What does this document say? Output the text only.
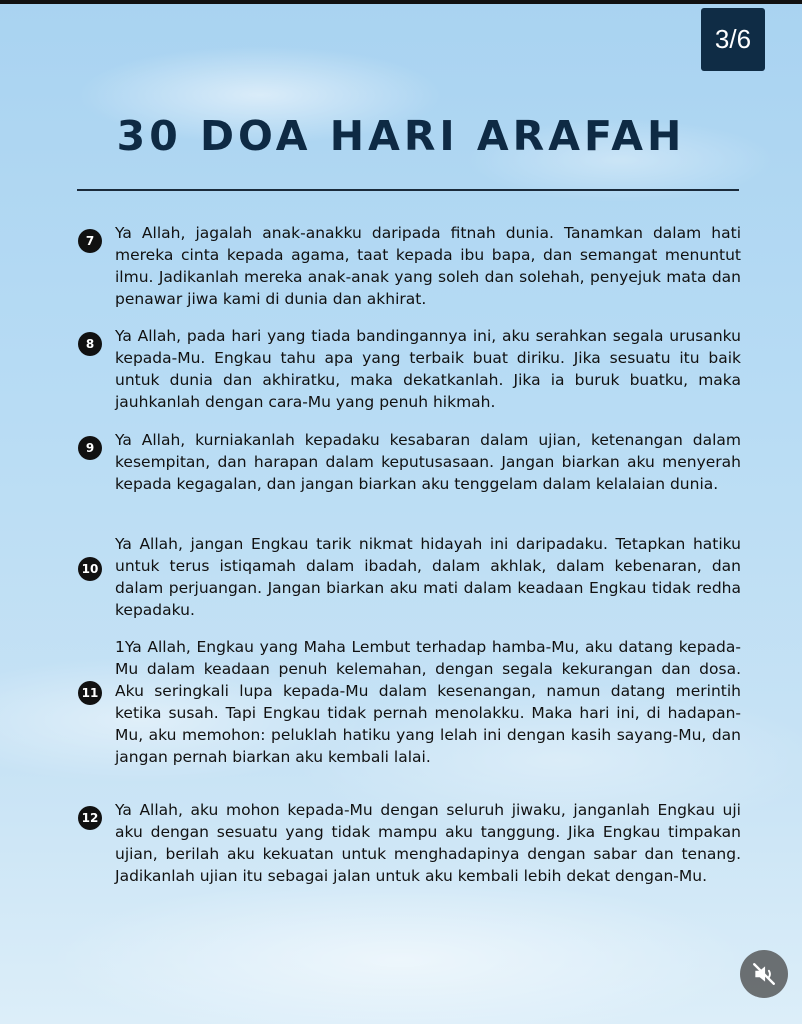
3/6
30 DOA HARI ARAFAH
7	Ya Allah, jagalah anak-anakku daripada fitnah dunia. Tanamkan dalam hati mereka cinta kepada agama, taat kepada ibu bapa, dan semangat menuntut ilmu. Jadikanlah mereka anak-anak yang soleh dan solehah, penyejuk mata dan penawar jiwa kami di dunia dan akhirat.

8	Ya Allah, pada hari yang tiada bandingannya ini, aku serahkan segala urusanku kepada-Mu. Engkau tahu apa yang terbaik buat diriku. Jika sesuatu itu baik untuk dunia dan akhiratku, maka dekatkanlah. Jika ia buruk buatku, maka jauhkanlah dengan cara-Mu yang penuh hikmah.

9	Ya Allah, kurniakanlah kepadaku kesabaran dalam ujian, ketenangan dalam kesempitan, dan harapan dalam keputusasaan. Jangan biarkan aku menyerah kepada kegagalan, dan jangan biarkan aku tenggelam dalam kelalaian dunia.

10

Ya Allah, jangan Engkau tarik nikmat hidayah ini daripadaku. Tetapkan hatiku untuk terus istiqamah dalam ibadah, dalam akhlak, dalam kebenaran, dan dalam perjuangan. Jangan biarkan aku mati dalam keadaan Engkau tidak redha kepadaku.

11

1Ya Allah, Engkau yang Maha Lembut terhadap hamba-Mu, aku datang kepada-Mu dalam keadaan penuh kelemahan, dengan segala kekurangan dan dosa. Aku seringkali lupa kepada-Mu dalam kesenangan, namun datang merintih ketika susah. Tapi Engkau tidak pernah menolakku. Maka hari ini, di hadapan-Mu, aku memohon: peluklah hatiku yang lelah ini dengan kasih sayang-Mu, dan jangan pernah biarkan aku kembali lalai.

12 Ya Allah, aku mohon kepada-Mu dengan seluruh jiwaku, janganlah Engkau uji aku dengan sesuatu yang tidak mampu aku tanggung. Jika Engkau timpakan ujian, berilah aku kekuatan untuk menghadapinya dengan sabar dan tenang. Jadikanlah ujian itu sebagai jalan untuk aku kembali lebih dekat dengan-Mu.
